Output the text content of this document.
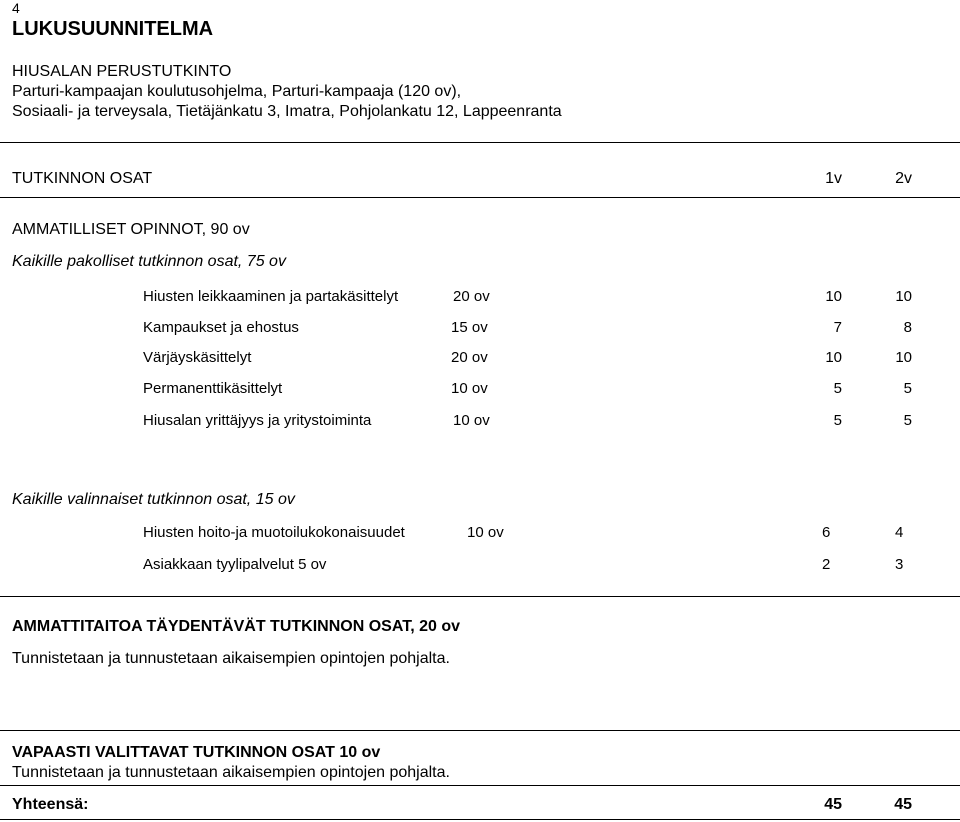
4
LUKUSUUNNITELMA
HIUSALAN PERUSTUTKINTO
Parturi-kampaajan koulutusohjelma, Parturi-kampaaja (120 ov),
Sosiaali- ja terveysala, Tietäjänkatu 3, Imatra, Pohjolankatu 12, Lappeenranta
TUTKINNON OSAT	1v	2v
AMMATILLISET OPINNOT, 90 ov
Kaikille pakolliset tutkinnon osat, 75 ov
Hiusten leikkaaminen ja partakäsittelyt	20 ov	10	10
Kampaukset ja ehostus	15 ov	7	8
Värjäyskäsittelyt	20 ov	10	10
Permanenttikäsittelyt	10 ov	5	5
Hiusalan yrittäjyys ja yritystoiminta	10 ov	5	5
Kaikille valinnaiset tutkinnon osat, 15 ov
Hiusten hoito-ja muotoilukokonaisuudet	10 ov	6	4
Asiakkaan tyylipalvelut 5 ov	2	3
AMMATTITAITOA TÄYDENTÄVÄT TUTKINNON OSAT, 20 ov
Tunnistetaan ja tunnustetaan aikaisempien opintojen pohjalta.
VAPAASTI VALITTAVAT TUTKINNON OSAT 10 ov
Tunnistetaan ja tunnustetaan aikaisempien opintojen pohjalta.
Yhteensä:	45	45
